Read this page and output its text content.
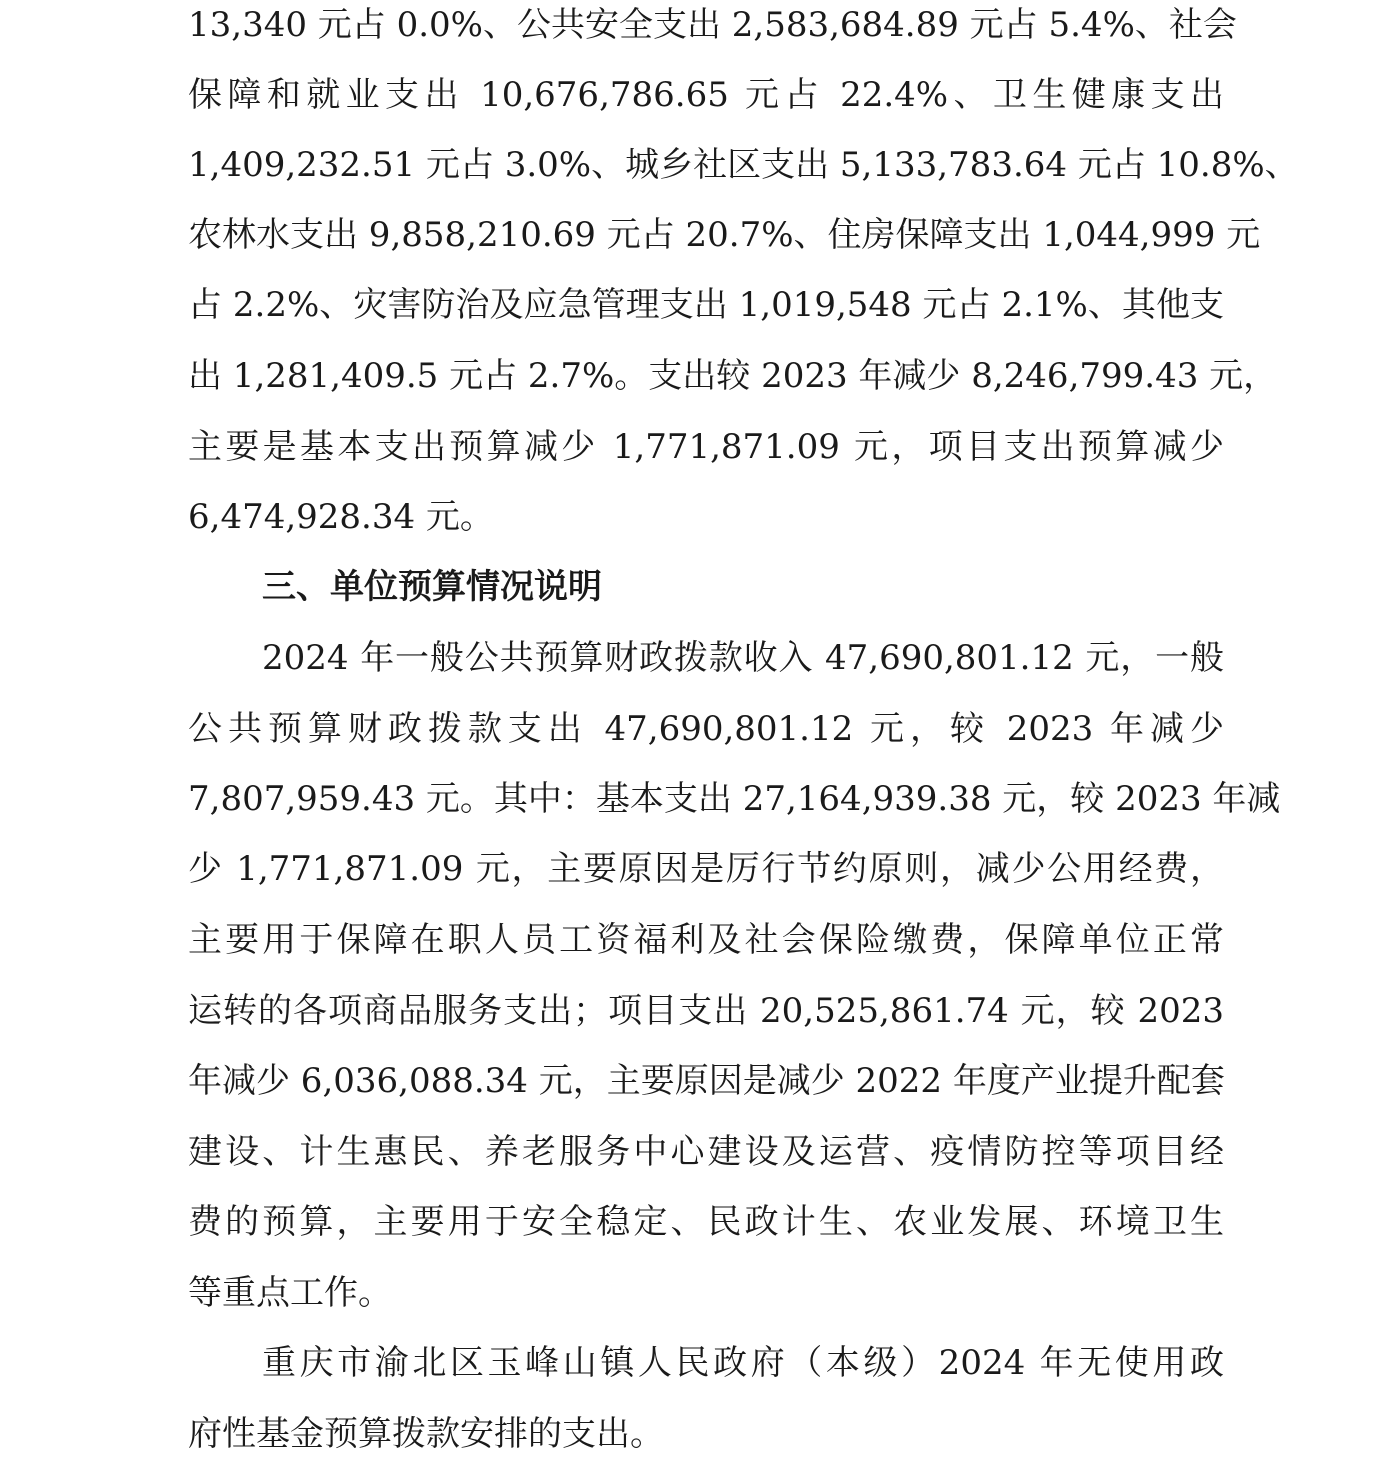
13,340 元占 0.0%、公共安全支出 2,583,684.89 元占 5.4%、社会
保障和就业支出 10,676,786.65 元占 22.4%、卫生健康支出
1,409,232.51 元占 3.0%、城乡社区支出 5,133,783.64 元占 10.8%、
农林水支出 9,858,210.69 元占 20.7%、住房保障支出 1,044,999 元
占 2.2%、灾害防治及应急管理支出 1,019,548 元占 2.1%、其他支
出 1,281,409.5 元占 2.7%。支出较 2023 年减少 8,246,799.43 元，
主要是基本支出预算减少 1,771,871.09 元，项目支出预算减少
6,474,928.34 元。
三、单位预算情况说明
2024 年一般公共预算财政拨款收入 47,690,801.12 元，一般
公共预算财政拨款支出 47,690,801.12 元，较 2023 年减少
7,807,959.43 元。其中：基本支出 27,164,939.38 元，较 2023 年减
少 1,771,871.09 元，主要原因是厉行节约原则，减少公用经费，
主要用于保障在职人员工资福利及社会保险缴费，保障单位正常
运转的各项商品服务支出；项目支出 20,525,861.74 元，较 2023
年减少 6,036,088.34 元，主要原因是减少 2022 年度产业提升配套
建设、计生惠民、养老服务中心建设及运营、疫情防控等项目经
费的预算，主要用于安全稳定、民政计生、农业发展、环境卫生
等重点工作。
重庆市渝北区玉峰山镇人民政府（本级）2024 年无使用政
府性基金预算拨款安排的支出。
